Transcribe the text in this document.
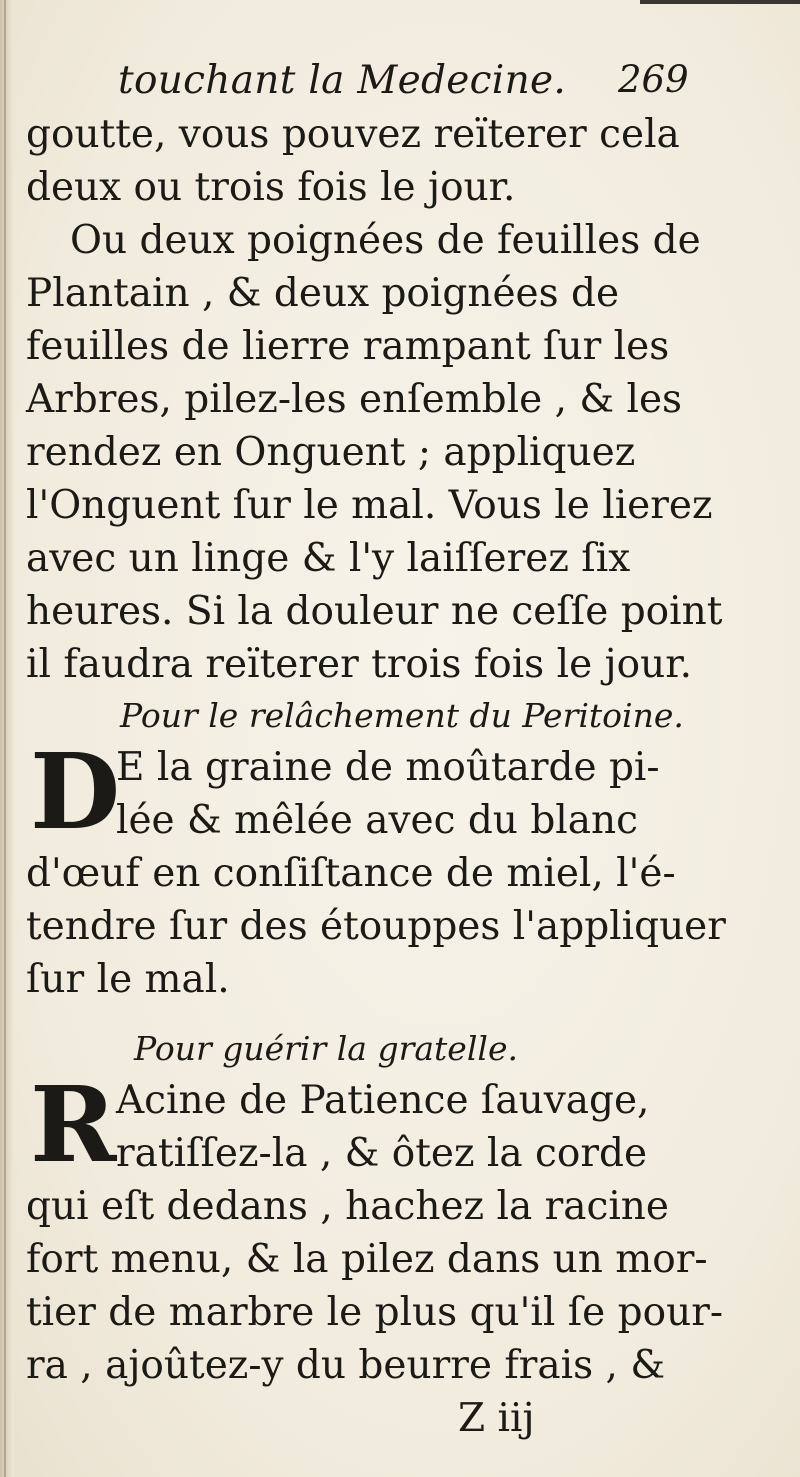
touchant la Medecine. 269
goutte, vous pouvez reïterer cela
deux ou trois fois le jour.
Ou deux poignées de feuilles de
Plantain , & deux poignées de
feuilles de lierre rampant ſur les
Arbres, pilez-les enſemble , & les
rendez en Onguent ; appliquez
l'Onguent ſur le mal. Vous le lierez
avec un linge & l'y laiſſerez ſix
heures. Si la douleur ne ceſſe point
il faudra reïterer trois fois le jour.
Pour le relâchement du Peritoine.
D
E la graine de moûtarde pi-
lée & mêlée avec du blanc
d'œuf en conſiſtance de miel, l'é-
tendre ſur des étouppes l'appliquer
ſur le mal.
Pour guérir la gratelle.
R Acine de Patience ſauvage,
ratiſſez-la , & ôtez la corde
qui eſt dedans , hachez la racine
fort menu, & la pilez dans un mor-
tier de marbre le plus qu'il ſe pour-
ra , ajoûtez-y du beurre frais , &
Z iij
